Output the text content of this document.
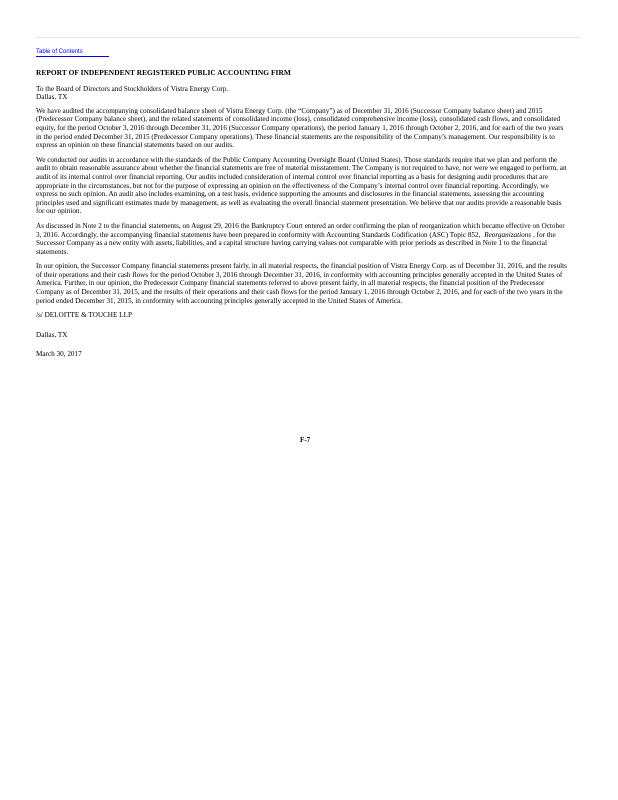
Table of Contents
REPORT OF INDEPENDENT REGISTERED PUBLIC ACCOUNTING FIRM

To the Board of Directors and Stockholders of Vistra Energy Corp.

Dallas, TX

We have audited the accompanying consolidated balance sheet of Vistra Energy Corp. (the “Company”) as of December 31, 2016 (Successor Company balance sheet) and 2015 (Predecessor Company balance sheet), and the related statements of consolidated income (loss), consolidated comprehensive income (loss), consolidated cash flows, and consolidated equity, for the period October 3, 2016 through December 31, 2016 (Successor Company operations), the period January 1, 2016 through October 2, 2016, and for each of the two years in the period ended December 31, 2015 (Predecessor Company operations). These financial statements are the responsibility of the Company’s management. Our responsibility is to express an opinion on these financial statements based on our audits.

We conducted our audits in accordance with the standards of the Public Company Accounting Oversight Board (United States). Those standards require that we plan and perform the audit to obtain reasonable assurance about whether the financial statements are free of material misstatement. The Company is not required to have, nor were we engaged to perform, an audit of its internal control over financial reporting. Our audits included consideration of internal control over financial reporting as a basis for designing audit procedures that are appropriate in the circumstances, but not for the purpose of expressing an opinion on the effectiveness of the Company’s internal control over financial reporting. Accordingly, we express no such opinion. An audit also includes examining, on a test basis, evidence supporting the amounts and disclosures in the financial statements, assessing the accounting principles used and significant estimates made by management, as well as evaluating the overall financial statement presentation. We believe that our audits provide a reasonable basis for our opinion.

As discussed in Note 2 to the financial statements, on August 29, 2016 the Bankruptcy Court entered an order confirming the plan of reorganization which became effective on October 3, 2016. Accordingly, the accompanying financial statements have been prepared in conformity with Accounting Standards Codification (ASC) Topic 852, Reorganizations , for the Successor Company as a new entity with assets, liabilities, and a capital structure having carrying values not comparable with prior periods as described in Note 1 to the financial statements.

In our opinion, the Successor Company financial statements present fairly, in all material respects, the financial position of Vistra Energy Corp. as of December 31, 2016, and the results of their operations and their cash flows for the period October 3, 2016 through December 31, 2016, in conformity with accounting principles generally accepted in the United States of America. Further, in our opinion, the Predecessor Company financial statements referred to above present fairly, in all material respects, the financial position of the Predecessor Company as of December 31, 2015, and the results of their operations and their cash flows for the period January 1, 2016 through October 2, 2016, and for each of the two years in the period ended December 31, 2015, in conformity with accounting principles generally accepted in the United States of America.

/s/ DELOITTE & TOUCHE LLP

Dallas, TX

March 30, 2017

F-7
